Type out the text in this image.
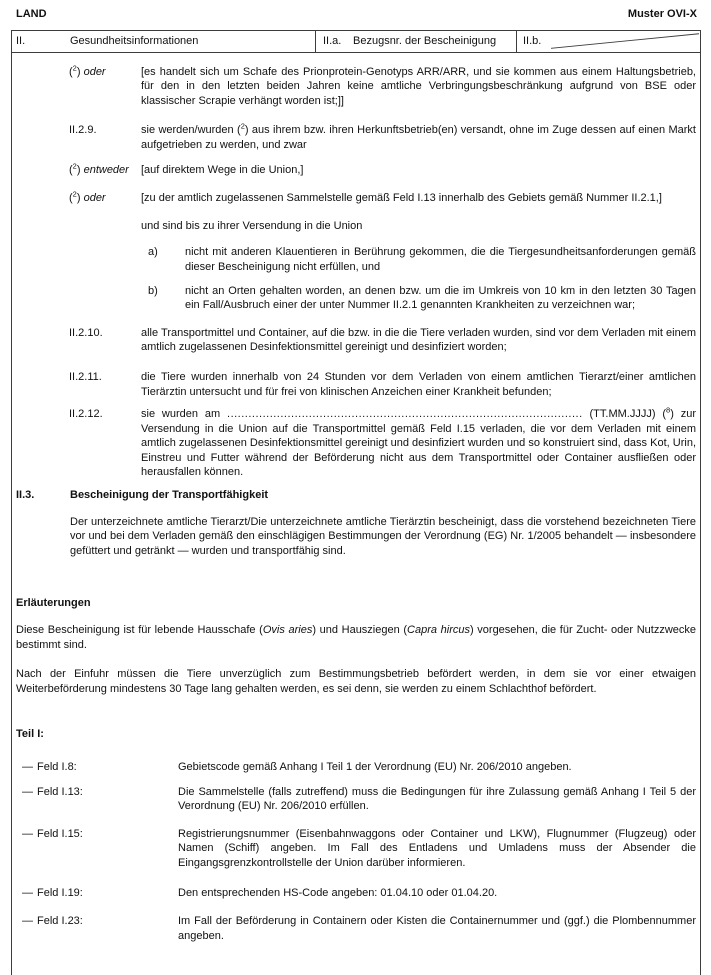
LAND	Muster OVI-X
II.	Gesundheitsinformationen	II.a.	Bezugsnr. der Bescheinigung II.b.
($^2$) oder	[es handelt sich um Schafe des Prionprotein-Genotyps ARR/ARR, und sie kommen aus einem Haltungsbetrieb, für den in den letzten beiden Jahren keine amtliche Verbringungsbeschränkung aufgrund von BSE oder klassischer Scrapie verhängt worden ist;]]
II.2.9.	sie werden/wurden ($^2$) aus ihrem bzw. ihren Herkunftsbetrieb(en) versandt, ohne im Zuge dessen auf einen Markt aufgetrieben zu werden, und zwar
($^2$) entweder	[auf direktem Wege in die Union,]
($^2$) oder	[zu der amtlich zugelassenen Sammelstelle gemäß Feld I.13 innerhalb des Gebiets gemäß Nummer II.2.1,]
und sind bis zu ihrer Versendung in die Union
a)	nicht mit anderen Klauentieren in Berührung gekommen, die die Tiergesundheitsanforderungen gemäß dieser Bescheinigung nicht erfüllen, und
b)	nicht an Orten gehalten worden, an denen bzw. um die im Umkreis von 10 km in den letzten 30 Tagen ein Fall/Ausbruch einer der unter Nummer II.2.1 genannten Krankheiten zu verzeichnen war;
II.2.10.	alle Transportmittel und Container, auf die bzw. in die die Tiere verladen wurden, sind vor dem Verladen mit einem amtlich zugelassenen Desinfektionsmittel gereinigt und desinfiziert worden;
II.2.11.	die Tiere wurden innerhalb von 24 Stunden vor dem Verladen von einem amtlichen Tierarzt/einer amtlichen Tierärztin untersucht und für frei von klinischen Anzeichen einer Krankheit befunden;
II.2.12.	sie wurden am .................................................................................................... (TT.MM.JJJJ) ($^8$) zur Versendung in die Union auf die Transportmittel gemäß Feld I.15 verladen, die vor dem Verladen mit einem amtlich zugelassenen Desinfektionsmittel gereinigt und desinfiziert wurden und so konstruiert sind, dass Kot, Urin, Einstreu und Futter während der Beförderung nicht aus dem Transportmittel oder Container ausfließen oder herausfallen können.
II.3.	Bescheinigung der Transportfähigkeit
Der unterzeichnete amtliche Tierarzt/Die unterzeichnete amtliche Tierärztin bescheinigt, dass die vorstehend bezeichneten Tiere vor und bei dem Verladen gemäß den einschlägigen Bestimmungen der Verordnung (EG) Nr. 1/2005 behandelt — insbesondere gefüttert und getränkt — wurden und transportfähig sind.
Erläuterungen
Diese Bescheinigung ist für lebende Hausschafe (Ovis aries) und Hausziegen (Capra hircus) vorgesehen, die für Zucht- oder Nutzzwecke bestimmt sind.
Nach der Einfuhr müssen die Tiere unverzüglich zum Bestimmungsbetrieb befördert werden, in dem sie vor einer etwaigen Weiterbeförderung mindestens 30 Tage lang gehalten werden, es sei denn, sie werden zu einem Schlachthof befördert.
Teil I:
— Feld I.8:	Gebietscode gemäß Anhang I Teil 1 der Verordnung (EU) Nr. 206/2010 angeben.
— Feld I.13:	Die Sammelstelle (falls zutreffend) muss die Bedingungen für ihre Zulassung gemäß Anhang I Teil 5 der Verordnung (EU) Nr. 206/2010 erfüllen.
— Feld I.15:	Registrierungsnummer (Eisenbahnwaggons oder Container und LKW), Flugnummer (Flugzeug) oder Namen (Schiff) angeben. Im Fall des Entladens und Umladens muss der Absender die Eingangsgrenzkontrollstelle der Union darüber informieren.
— Feld I.19:	Den entsprechenden HS-Code angeben: 01.04.10 oder 01.04.20.
— Feld I.23:	Im Fall der Beförderung in Containern oder Kisten die Containernummer und (ggf.) die Plombennummer angeben.
